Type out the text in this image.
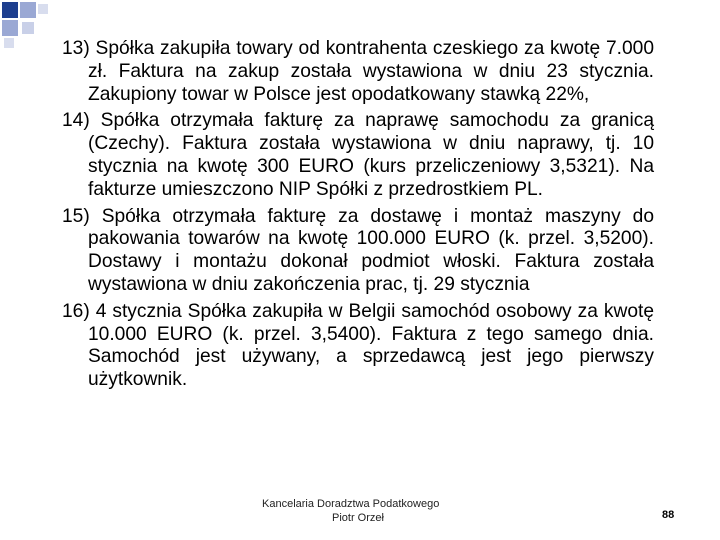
13) Spółka zakupiła towary od kontrahenta czeskiego za kwotę 7.000 zł. Faktura na zakup została wystawiona w dniu 23 stycznia. Zakupiony towar w Polsce jest opodatkowany stawką 22%,
14) Spółka otrzymała fakturę za naprawę samochodu za granicą (Czechy). Faktura została wystawiona w dniu naprawy, tj. 10 stycznia na kwotę 300 EURO (kurs przeliczeniowy 3,5321). Na fakturze umieszczono NIP Spółki z przedrostkiem PL.
15) Spółka otrzymała fakturę za dostawę i montaż maszyny do pakowania towarów na kwotę 100.000 EURO (k. przel. 3,5200). Dostawy i montażu dokonał podmiot włoski. Faktura została wystawiona w dniu zakończenia prac, tj. 29 stycznia
16) 4 stycznia Spółka zakupiła w Belgii samochód osobowy za kwotę 10.000 EURO (k. przel. 3,5400). Faktura z tego samego dnia. Samochód jest używany, a sprzedawcą jest jego pierwszy użytkownik.
Kancelaria Doradztwa Podatkowego
Piotr Orzeł	88
